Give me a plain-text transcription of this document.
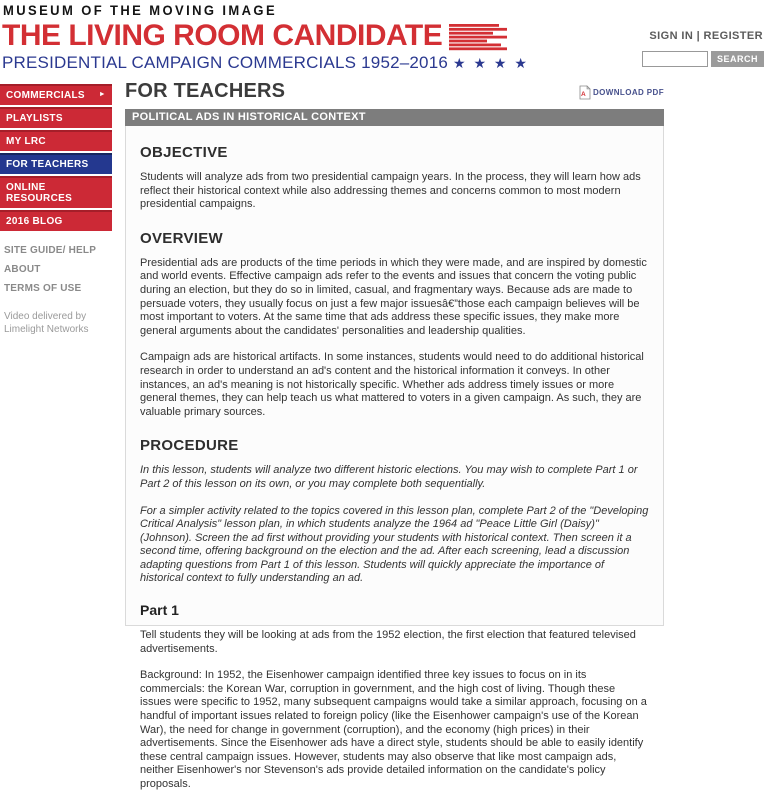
MUSEUM OF THE MOVING IMAGE
THE LIVING ROOM CANDIDATE
PRESIDENTIAL CAMPAIGN COMMERCIALS 1952–2016 ★ ★ ★ ★
SIGN IN | REGISTER
SEARCH
COMMERCIALS ►
PLAYLISTS
MY LRC
FOR TEACHERS
ONLINE RESOURCES
2016 BLOG
SITE GUIDE/ HELP
ABOUT
TERMS OF USE
Video delivered by Limelight Networks
FOR TEACHERS	A DOWNLOAD PDF
POLITICAL ADS IN HISTORICAL CONTEXT
OBJECTIVE

Students will analyze ads from two presidential campaign years. In the process, they will learn how ads reflect their historical context while also addressing themes and concerns common to most modern presidential campaigns.

OVERVIEW

Presidential ads are products of the time periods in which they were made, and are inspired by domestic and world events. Effective campaign ads refer to the events and issues that concern the voting public during an election, but they do so in limited, casual, and fragmentary ways. Because ads are made to persuade voters, they usually focus on just a few major issuesâ€”those each campaign believes will be most important to voters. At the same time that ads address these specific issues, they make more general arguments about the candidates' personalities and leadership qualities.

Campaign ads are historical artifacts. In some instances, students would need to do additional historical research in order to understand an ad's content and the historical information it conveys. In other instances, an ad's meaning is not historically specific. Whether ads address timely issues or more general themes, they can help teach us what mattered to voters in a given campaign. As such, they are valuable primary sources.

PROCEDURE

In this lesson, students will analyze two different historic elections. You may wish to complete Part 1 or Part 2 of this lesson on its own, or you may complete both sequentially.

For a simpler activity related to the topics covered in this lesson plan, complete Part 2 of the "Developing Critical Analysis" lesson plan, in which students analyze the 1964 ad "Peace Little Girl (Daisy)" (Johnson). Screen the ad first without providing your students with historical context. Then screen it a second time, offering background on the election and the ad. After each screening, lead a discussion adapting questions from Part 1 of this lesson. Students will quickly appreciate the importance of historical context to fully understanding an ad.

Part 1

Tell students they will be looking at ads from the 1952 election, the first election that featured televised advertisements.

Background: In 1952, the Eisenhower campaign identified three key issues to focus on in its commercials: the Korean War, corruption in government, and the high cost of living. Though these issues were specific to 1952, many subsequent campaigns would take a similar approach, focusing on a handful of important issues related to foreign policy (like the Eisenhower campaign's use of the Korean War), the need for change in government (corruption), and the economy (high prices) in their advertisements. Since the Eisenhower ads have a direct style, students should be able to easily identify these central campaign issues. However, students may also observe that like most campaign ads, neither Eisenhower's nor Stevenson's ads provide detailed information on the candidate's policy proposals.
